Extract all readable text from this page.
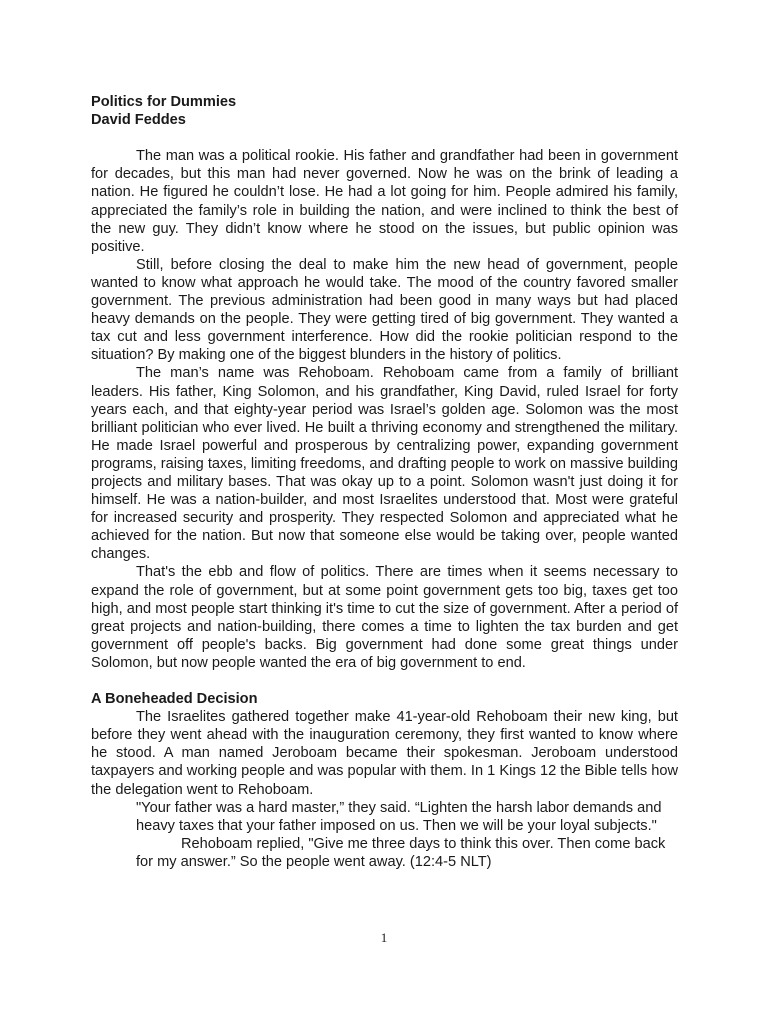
Politics for Dummies

David Feddes

The man was a political rookie. His father and grandfather had been in government for decades, but this man had never governed. Now he was on the brink of leading a nation. He figured he couldn’t lose. He had a lot going for him. People admired his family, appreciated the family’s role in building the nation, and were inclined to think the best of the new guy. They didn’t know where he stood on the issues, but public opinion was positive.

Still, before closing the deal to make him the new head of government, people wanted to know what approach he would take. The mood of the country favored smaller government. The previous administration had been good in many ways but had placed heavy demands on the people. They were getting tired of big government. They wanted a tax cut and less government interference. How did the rookie politician respond to the situation? By making one of the biggest blunders in the history of politics.

The man’s name was Rehoboam. Rehoboam came from a family of brilliant leaders. His father, King Solomon, and his grandfather, King David, ruled Israel for forty years each, and that eighty-year period was Israel’s golden age. Solomon was the most brilliant politician who ever lived. He built a thriving economy and strengthened the military. He made Israel powerful and prosperous by centralizing power, expanding government programs, raising taxes, limiting freedoms, and drafting people to work on massive building projects and military bases. That was okay up to a point. Solomon wasn't just doing it for himself. He was a nation-builder, and most Israelites understood that. Most were grateful for increased security and prosperity. They respected Solomon and appreciated what he achieved for the nation. But now that someone else would be taking over, people wanted changes.

That's the ebb and flow of politics. There are times when it seems necessary to expand the role of government, but at some point government gets too big, taxes get too high, and most people start thinking it's time to cut the size of government. After a period of great projects and nation-building, there comes a time to lighten the tax burden and get government off people's backs. Big government had done some great things under Solomon, but now people wanted the era of big government to end.

A Boneheaded Decision

The Israelites gathered together make 41-year-old Rehoboam their new king, but before they went ahead with the inauguration ceremony, they first wanted to know where he stood. A man named Jeroboam became their spokesman. Jeroboam understood taxpayers and working people and was popular with them. In 1 Kings 12 the Bible tells how the delegation went to Rehoboam.

"Your father was a hard master,” they said. “Lighten the harsh labor demands and heavy taxes that your father imposed on us. Then we will be your loyal subjects."

Rehoboam replied, "Give me three days to think this over. Then come back for my answer.” So the people went away. (12:4-5 NLT)

1
